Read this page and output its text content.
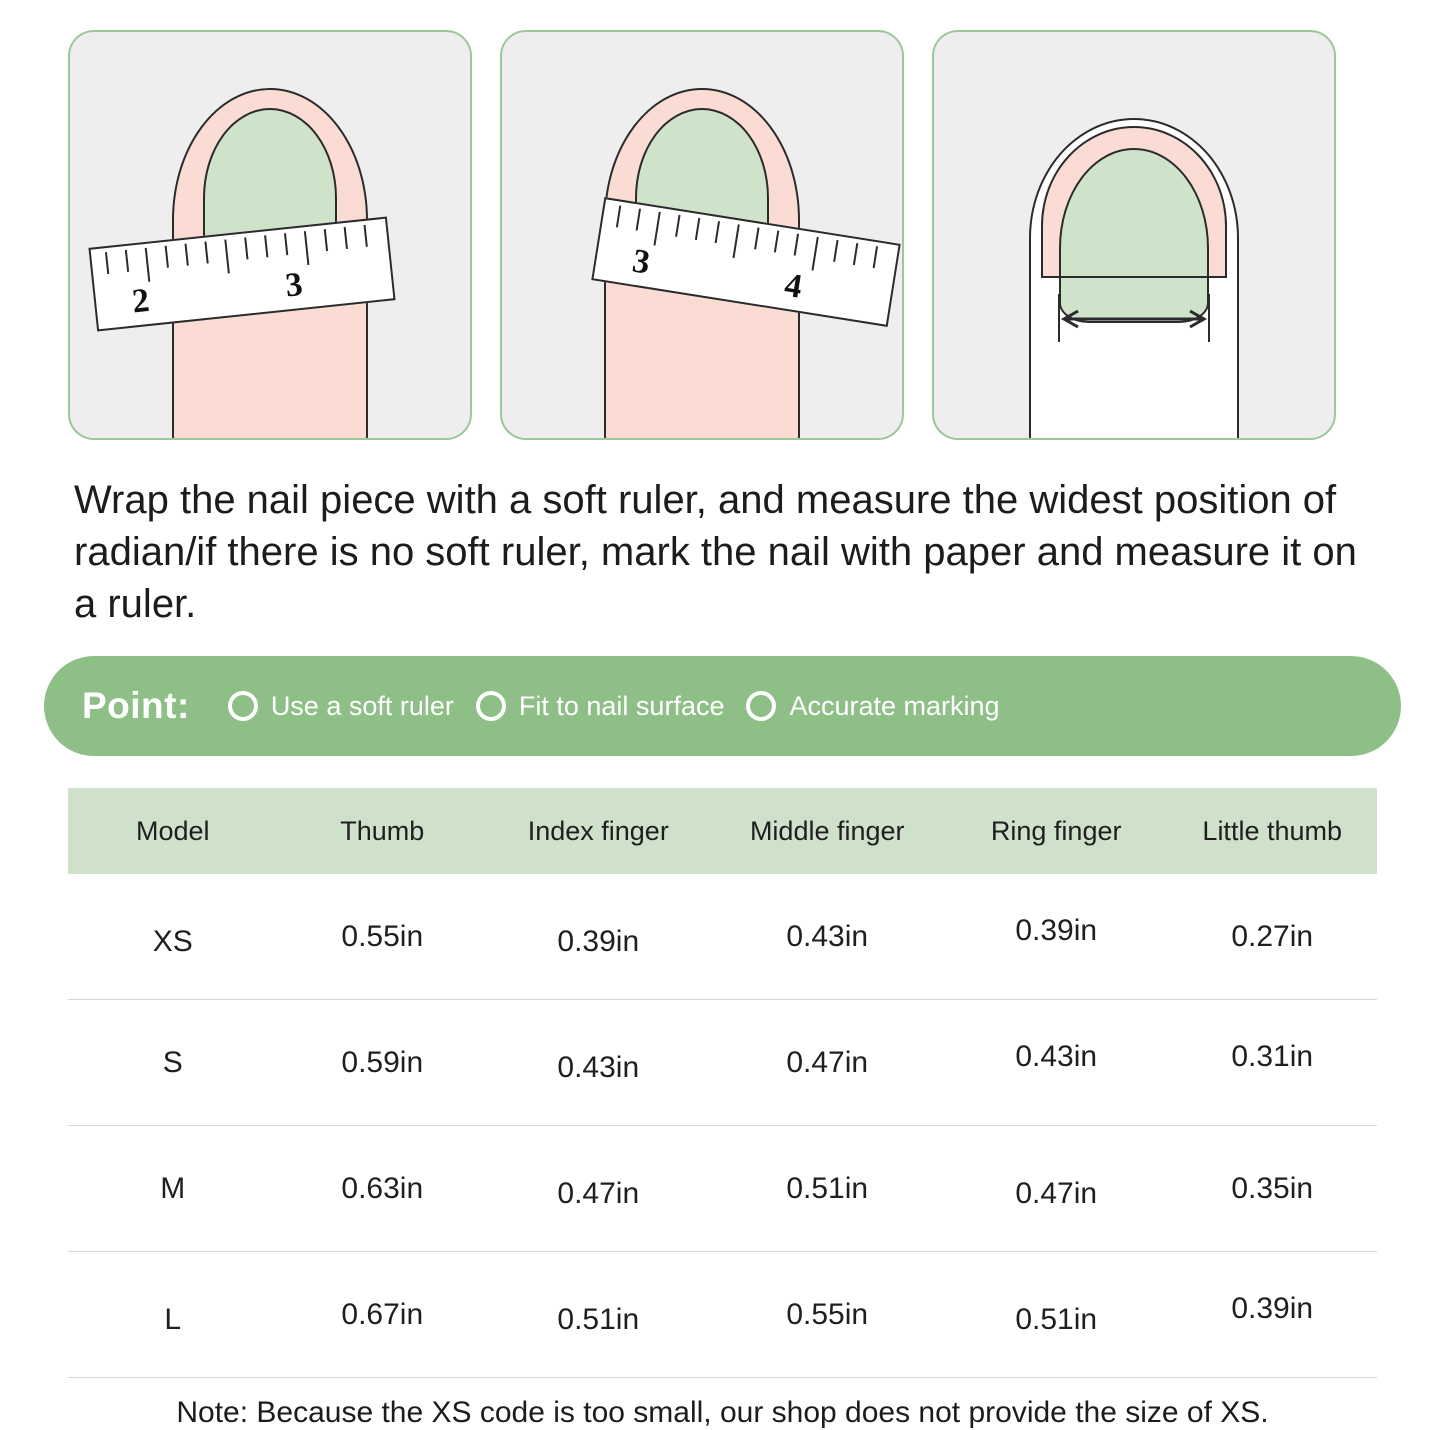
2	3
3
4
Wrap the nail piece with a soft ruler, and measure the widest position of radian/if there is no soft ruler, mark the nail with paper and measure it on a ruler.
Point:	Use a soft ruler Fit to nail surface Accurate marking
Model	Thumb	Index finger	Middle finger	Ring finger	Little thumb
XS	0.55in	0.39in	0.43in	0.39in	0.27in
S	0.59in	0.43in	0.47in	0.43in	0.31in
M	0.63in	0.47in	0.51in	0.47in	0.35in
L	0.67in	0.51in	0.55in	0.51in	0.39in
Note: Because the XS code is too small, our shop does not provide the size of XS.
